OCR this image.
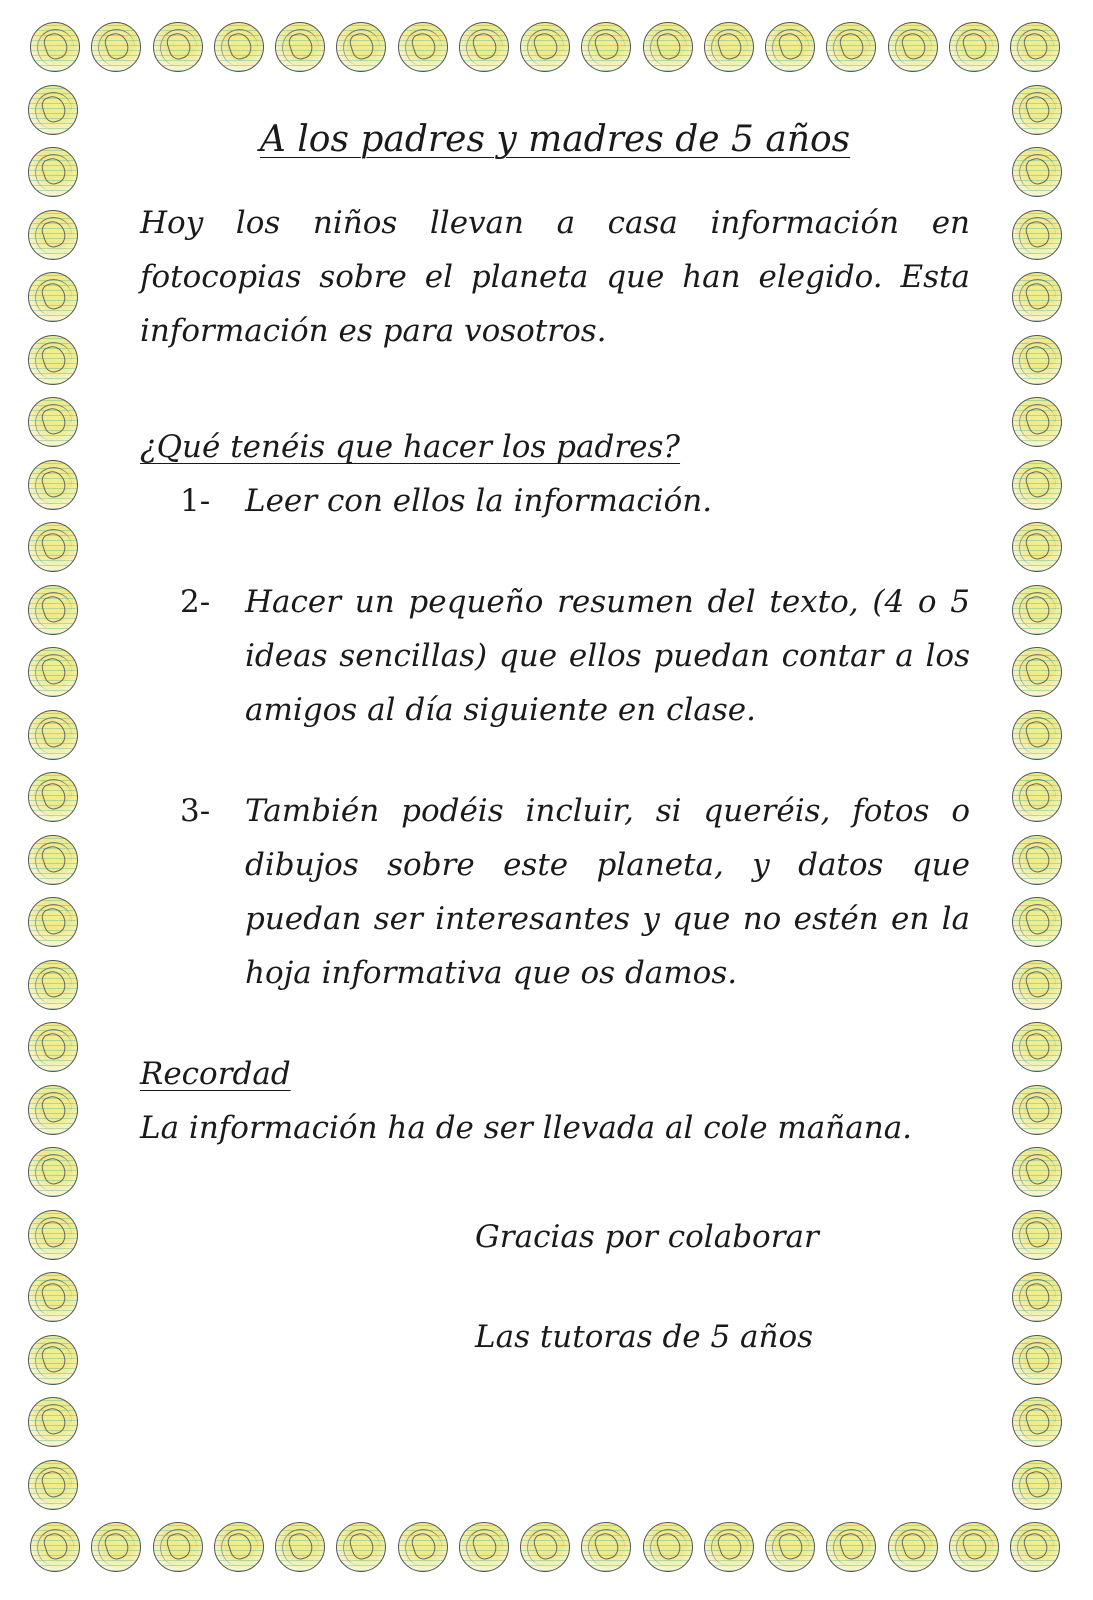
A los padres y madres de 5 años

Hoy los niños llevan a casa información en fotocopias sobre el planeta que han elegido. Esta información es para vosotros.

¿Qué tenéis que hacer los padres?

1-	Leer con ellos la información.
2-	Hacer un pequeño resumen del texto, (4 o 5 ideas sencillas) que ellos puedan contar a los amigos al día siguiente en clase.
3-	También podéis incluir, si queréis, fotos o dibujos sobre este planeta, y datos que puedan ser interesantes y que no estén en la hoja informativa que os damos.

Recordad

La información ha de ser llevada al cole mañana.

Gracias por colaborar

Las tutoras de 5 años
